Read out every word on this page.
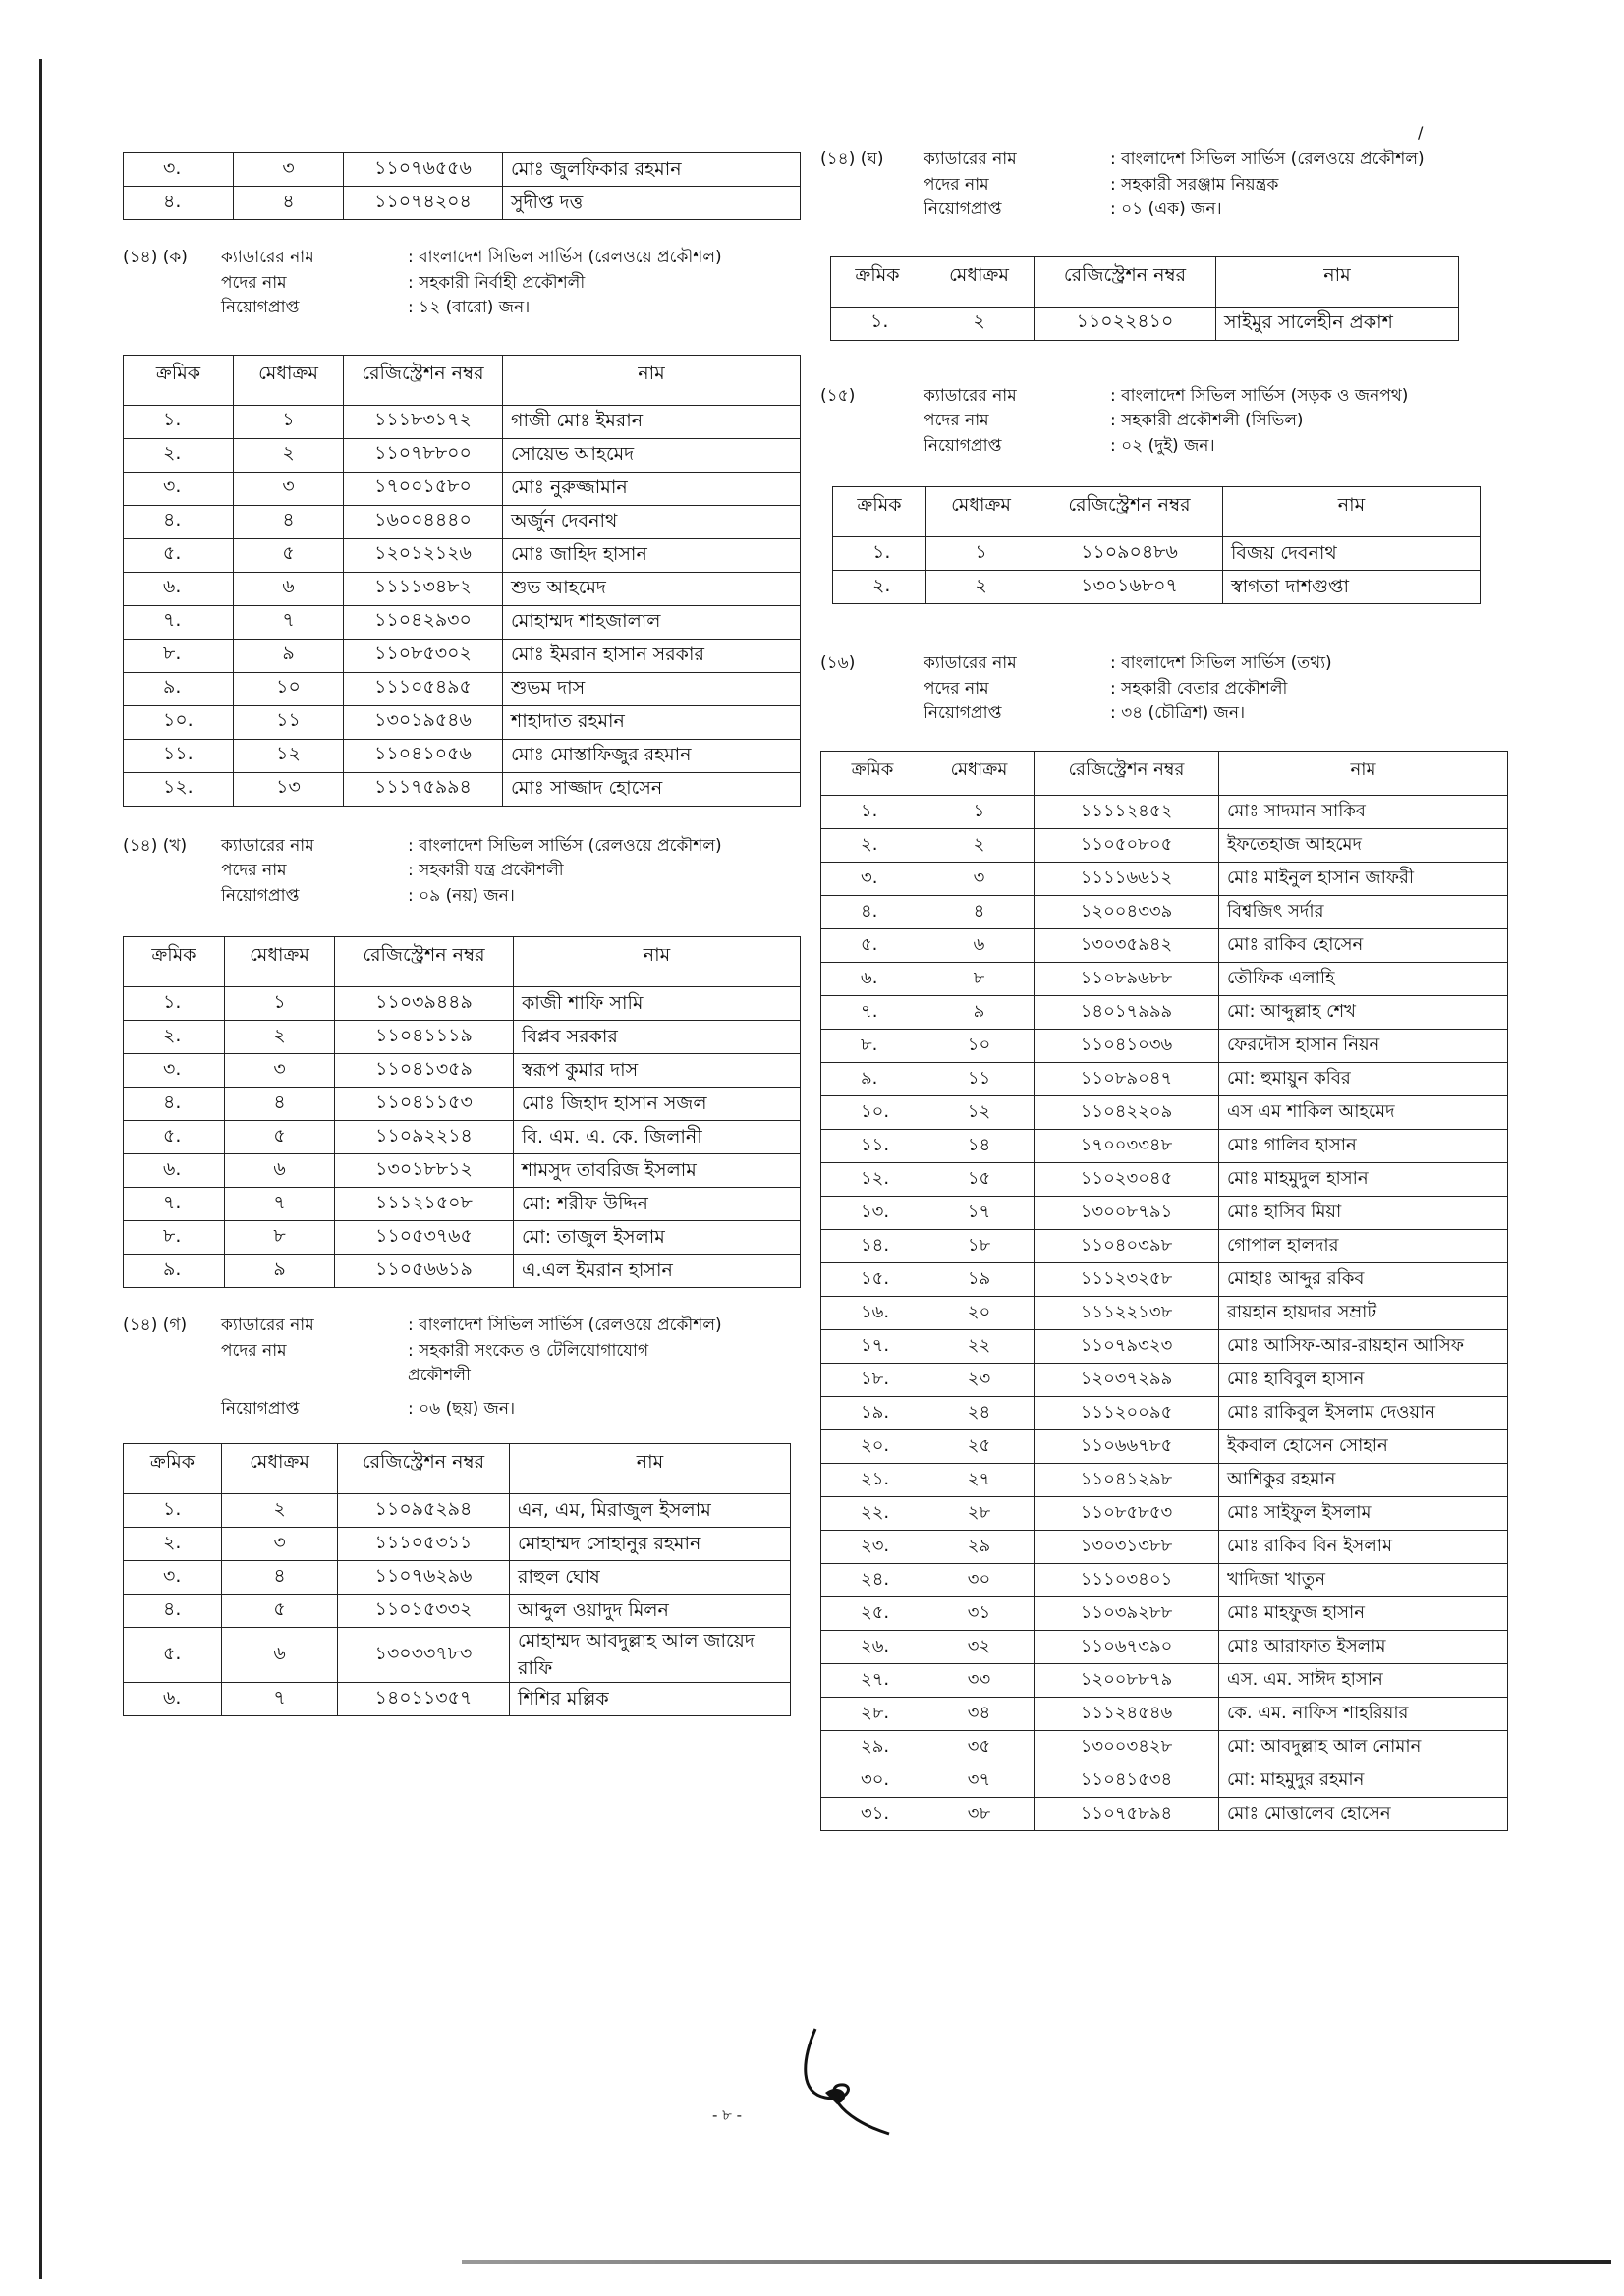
/
৩.	৩	১১০৭৬৫৫৬	মোঃ জুলফিকার রহমান
৪.	৪	১১০৭৪২০৪	সুদীপ্ত দত্ত
(১৪) (ক)	ক্যাডারের নাম	: বাংলাদেশ সিভিল সার্ভিস (রেলওয়ে প্রকৌশল)
পদের নাম	: সহকারী নির্বাহী প্রকৌশলী
নিয়োগপ্রাপ্ত	: ১২ (বারো) জন।
ক্রমিক	মেধাক্রম	রেজিস্ট্রেশন নম্বর	নাম
১.	১	১১১৮৩১৭২	গাজী মোঃ ইমরান
২.	২	১১০৭৮৮০০	সোয়েভ আহমেদ
৩.	৩	১৭০০১৫৮০	মোঃ নুরুজ্জামান
৪.	৪	১৬০০৪৪৪০	অর্জুন দেবনাথ
৫.	৫	১২০১২১২৬	মোঃ জাহিদ হাসান
৬.	৬	১১১১৩৪৮২	শুভ আহমেদ
৭.	৭	১১০৪২৯৩০	মোহাম্মদ শাহজালাল
৮.	৯	১১০৮৫৩০২	মোঃ ইমরান হাসান সরকার
৯.	১০	১১১০৫৪৯৫	শুভম দাস
১০.	১১	১৩০১৯৫৪৬	শাহাদাত রহমান
১১.	১২	১১০৪১০৫৬	মোঃ মোস্তাফিজুর রহমান
১২.	১৩	১১১৭৫৯৯৪	মোঃ সাজ্জাদ হোসেন
(১৪) (খ)	ক্যাডারের নাম	: বাংলাদেশ সিভিল সার্ভিস (রেলওয়ে প্রকৌশল)
পদের নাম	: সহকারী যন্ত্র প্রকৌশলী
নিয়োগপ্রাপ্ত	: ০৯ (নয়) জন।
ক্রমিক	মেধাক্রম	রেজিস্ট্রেশন নম্বর	নাম
১.	১	১১০৩৯৪৪৯	কাজী শাফি সামি
২.	২	১১০৪১১১৯	বিপ্লব সরকার
৩.	৩	১১০৪১৩৫৯	স্বরূপ কুমার দাস
৪.	৪	১১০৪১১৫৩	মোঃ জিহাদ হাসান সজল
৫.	৫	১১০৯২২১৪	বি. এম. এ. কে. জিলানী
৬.	৬	১৩০১৮৮১২	শামসুদ তাবরিজ ইসলাম
৭.	৭	১১১২১৫০৮	মো: শরীফ উদ্দিন
৮.	৮	১১০৫৩৭৬৫	মো: তাজুল ইসলাম
৯.	৯	১১০৫৬৬১৯	এ.এল ইমরান হাসান
(১৪) (গ)	ক্যাডারের নাম	: বাংলাদেশ সিভিল সার্ভিস (রেলওয়ে প্রকৌশল)
পদের নাম	: সহকারী সংকেত ও টেলিযোগাযোগ প্রকৌশলী
নিয়োগপ্রাপ্ত	: ০৬ (ছয়) জন।
ক্রমিক	মেধাক্রম	রেজিস্ট্রেশন নম্বর	নাম
১.	২	১১০৯৫২৯৪	এন, এম, মিরাজুল ইসলাম
২.	৩	১১১০৫৩১১	মোহাম্মদ সোহানুর রহমান
৩.	৪	১১০৭৬২৯৬	রাহুল ঘোষ
৪.	৫	১১০১৫৩৩২	আব্দুল ওয়াদুদ মিলন
৫.	৬	১৩০৩৩৭৮৩	মোহাম্মদ আবদুল্লাহ আল জায়েদ রাফি
৬.	৭	১৪০১১৩৫৭	শিশির মল্লিক
(১৪) (ঘ)	ক্যাডারের নাম	: বাংলাদেশ সিভিল সার্ভিস (রেলওয়ে প্রকৌশল)
পদের নাম	: সহকারী সরঞ্জাম নিয়ন্ত্রক
নিয়োগপ্রাপ্ত	: ০১ (এক) জন।
ক্রমিক	মেধাক্রম	রেজিস্ট্রেশন নম্বর	নাম
১.	২	১১০২২৪১০	সাইমুর সালেহীন প্রকাশ
(১৫)	ক্যাডারের নাম	: বাংলাদেশ সিভিল সার্ভিস (সড়ক ও জনপথ)
পদের নাম	: সহকারী প্রকৌশলী (সিভিল)
নিয়োগপ্রাপ্ত	: ০২ (দুই) জন।
ক্রমিক	মেধাক্রম	রেজিস্ট্রেশন নম্বর	নাম
১.	১	১১০৯০৪৮৬	বিজয় দেবনাথ
২.	২	১৩০১৬৮০৭	স্বাগতা দাশগুপ্তা
(১৬)	ক্যাডারের নাম	: বাংলাদেশ সিভিল সার্ভিস (তথ্য)
পদের নাম	: সহকারী বেতার প্রকৌশলী
নিয়োগপ্রাপ্ত	: ৩৪ (চৌত্রিশ) জন।
ক্রমিক	মেধাক্রম	রেজিস্ট্রেশন নম্বর	নাম
১.	১	১১১১২৪৫২	মোঃ সাদমান সাকিব
২.	২	১১০৫০৮০৫	ইফতেহাজ আহমেদ
৩.	৩	১১১১৬৬১২	মোঃ মাইনুল হাসান জাফরী
৪.	৪	১২০০৪৩৩৯	বিশ্বজিৎ সর্দার
৫.	৬	১৩০৩৫৯৪২	মোঃ রাকিব হোসেন
৬.	৮	১১০৮৯৬৮৮	তৌফিক এলাহি
৭.	৯	১৪০১৭৯৯৯	মো: আব্দুল্লাহ শেখ
৮.	১০	১১০৪১০৩৬	ফেরদৌস হাসান নিয়ন
৯.	১১	১১০৮৯০৪৭	মো: হুমায়ুন কবির
১০.	১২	১১০৪২২০৯	এস এম শাকিল আহমেদ
১১.	১৪	১৭০০৩৩৪৮	মোঃ গালিব হাসান
১২.	১৫	১১০২৩০৪৫	মোঃ মাহমুদুল হাসান
১৩.	১৭	১৩০০৮৭৯১	মোঃ হাসিব মিয়া
১৪.	১৮	১১০৪০৩৯৮	গোপাল হালদার
১৫.	১৯	১১১২৩২৫৮	মোহাঃ আব্দুর রকিব
১৬.	২০	১১১২২১৩৮	রায়হান হায়দার সম্রাট
১৭.	২২	১১০৭৯৩২৩	মোঃ আসিফ-আর-রায়হান আসিফ
১৮.	২৩	১২০৩৭২৯৯	মোঃ হাবিবুল হাসান
১৯.	২৪	১১১২০০৯৫	মোঃ রাকিবুল ইসলাম দেওয়ান
২০.	২৫	১১০৬৬৭৮৫	ইকবাল হোসেন সোহান
২১.	২৭	১১০৪১২৯৮	আশিকুর রহমান
২২.	২৮	১১০৮৫৮৫৩	মোঃ সাইফুল ইসলাম
২৩.	২৯	১৩০৩১৩৮৮	মোঃ রাকিব বিন ইসলাম
২৪.	৩০	১১১০৩৪০১	খাদিজা খাতুন
২৫.	৩১	১১০৩৯২৮৮	মোঃ মাহফুজ হাসান
২৬.	৩২	১১০৬৭৩৯০	মোঃ আরাফাত ইসলাম
২৭.	৩৩	১২০০৮৮৭৯	এস. এম. সাঈদ হাসান
২৮.	৩৪	১১১২৪৫৪৬	কে. এম. নাফিস শাহরিয়ার
২৯.	৩৫	১৩০০৩৪২৮	মো: আবদুল্লাহ আল নোমান
৩০.	৩৭	১১০৪১৫৩৪	মো: মাহমুদুর রহমান
৩১.	৩৮	১১০৭৫৮৯৪	মোঃ মোত্তালেব হোসেন
- ৮ -
